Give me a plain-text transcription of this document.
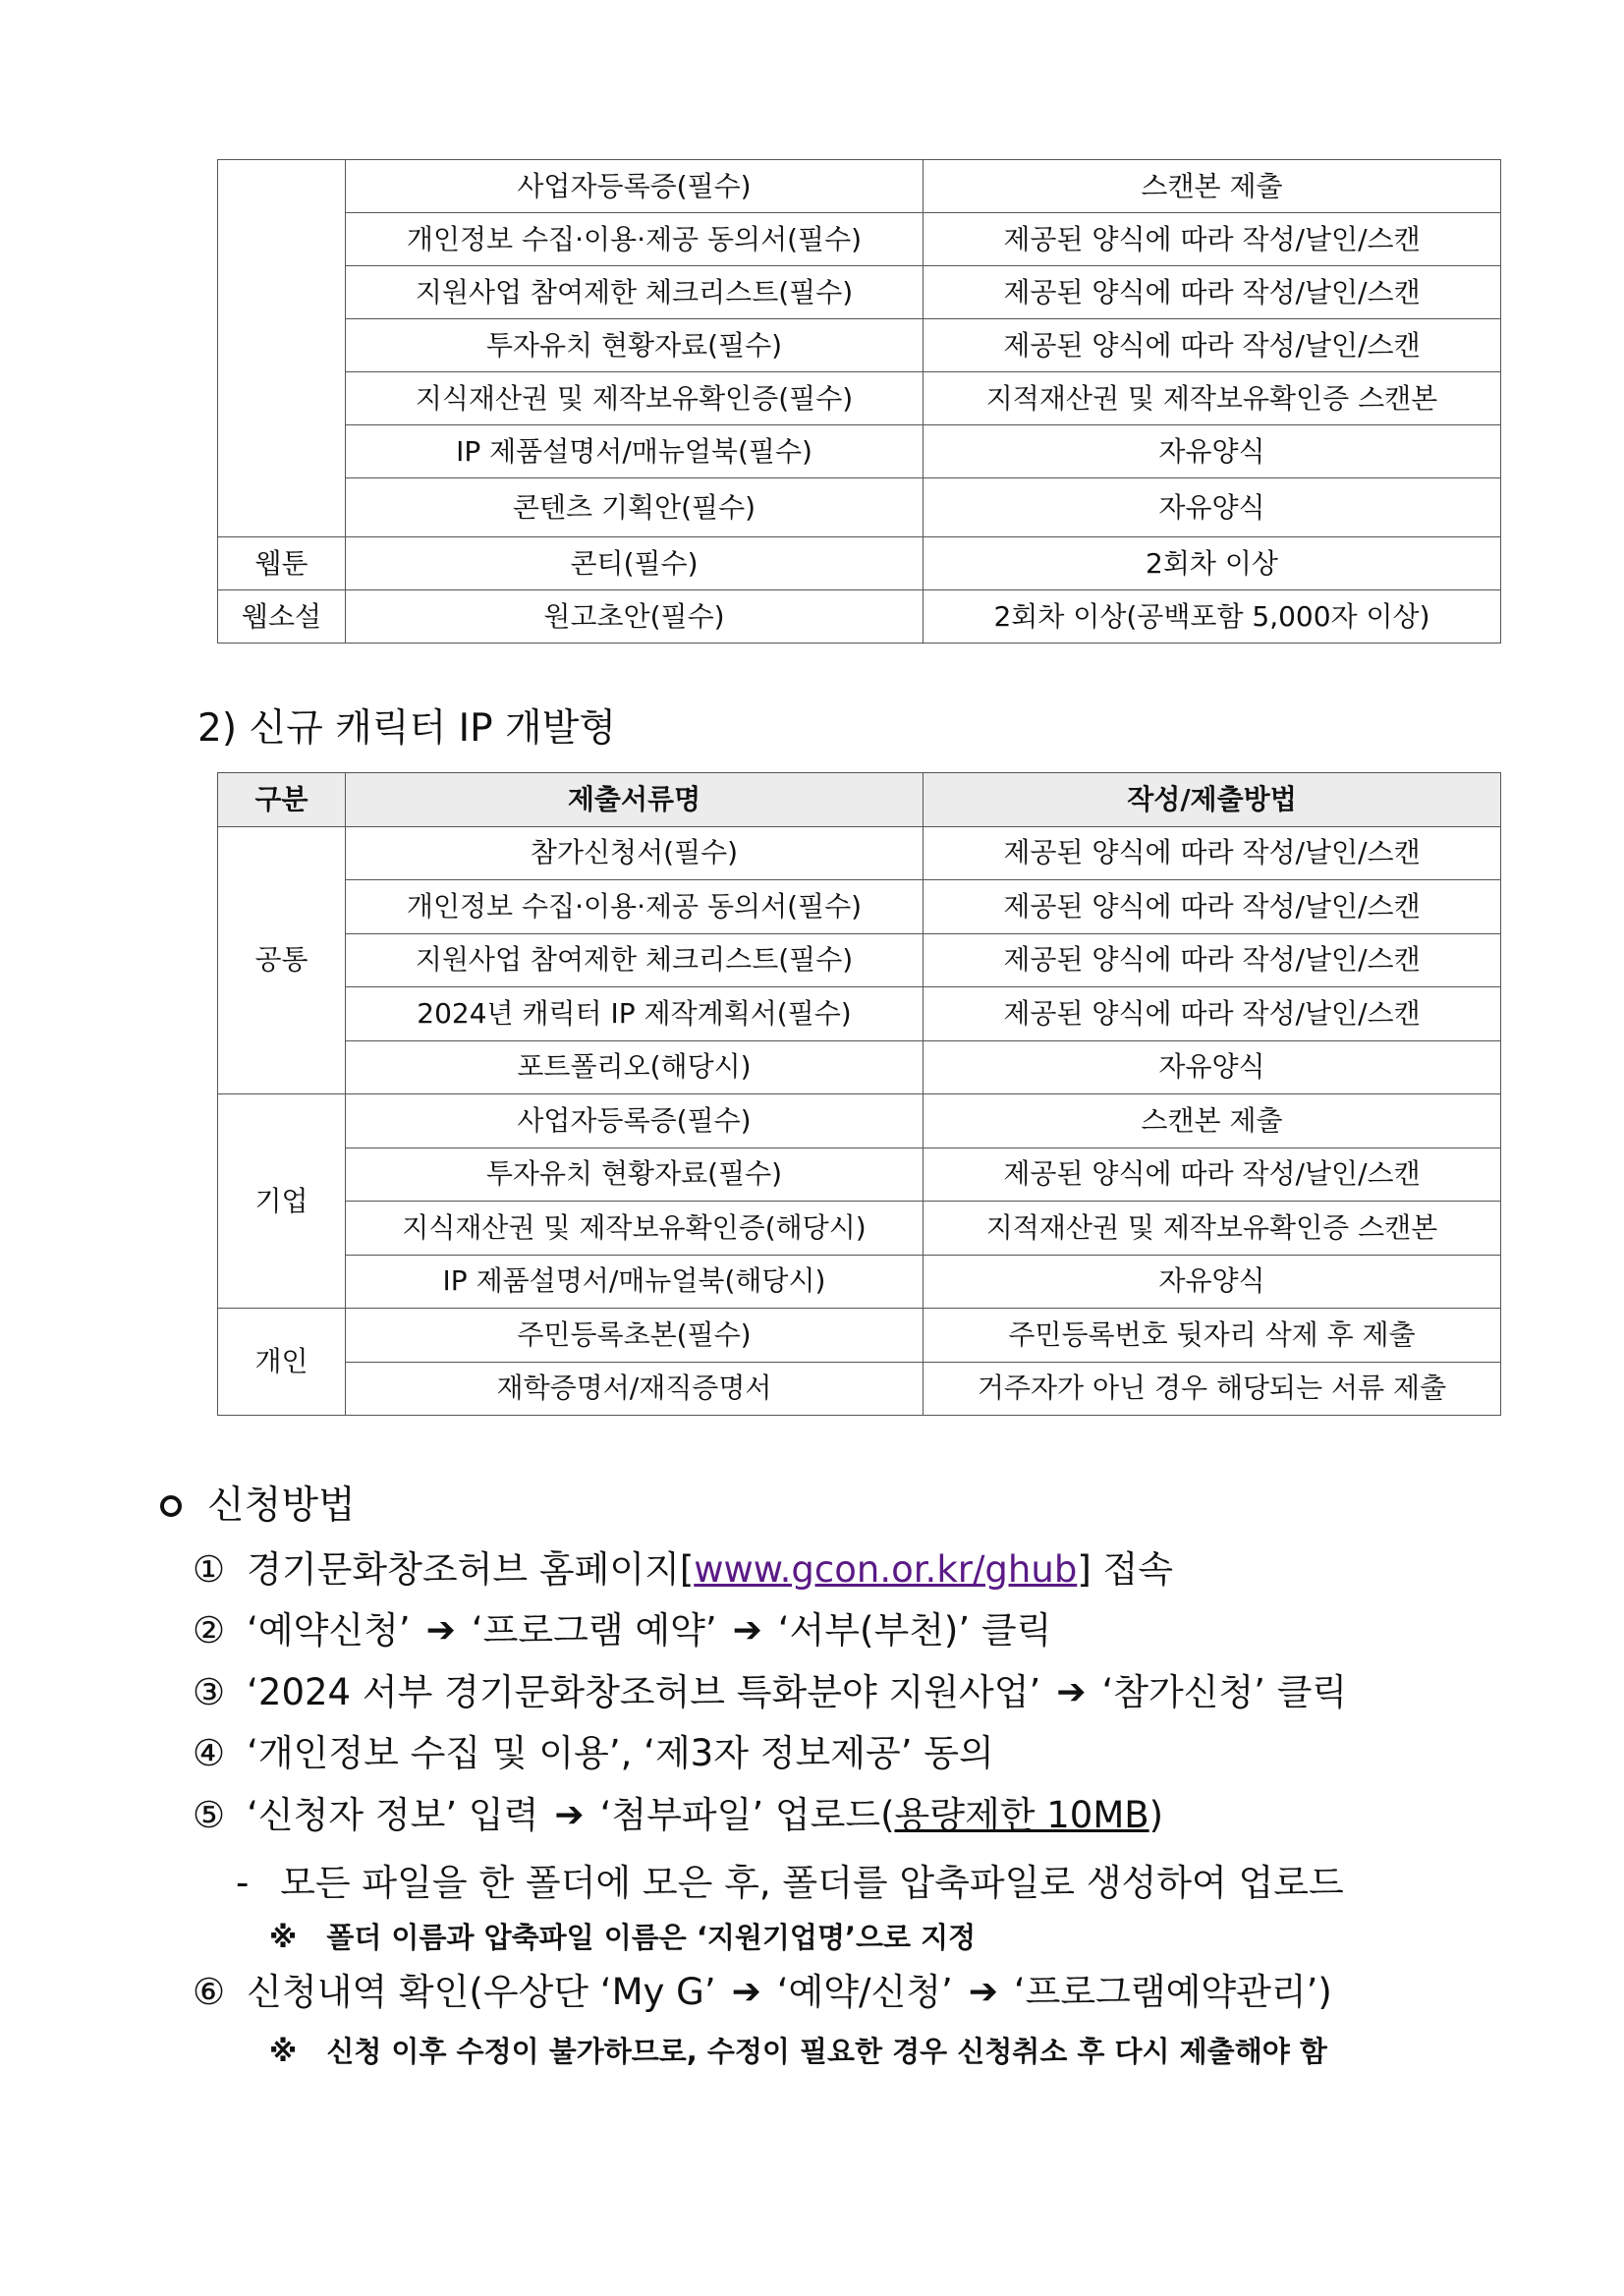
	사업자등록증(필수)	스캔본 제출
	개인정보 수집·이용·제공 동의서(필수)	제공된 양식에 따라 작성/날인/스캔
	지원사업 참여제한 체크리스트(필수)	제공된 양식에 따라 작성/날인/스캔
	투자유치 현황자료(필수)	제공된 양식에 따라 작성/날인/스캔
	지식재산권 및 제작보유확인증(필수)	지적재산권 및 제작보유확인증 스캔본
	IP 제품설명서/매뉴얼북(필수)	자유양식
	콘텐츠 기획안(필수)	자유양식
웹툰	콘티(필수)	2회차 이상
웹소설	원고초안(필수)	2회차 이상(공백포함 5,000자 이상)
2) 신규 캐릭터 IP 개발형
구분	제출서류명	작성/제출방법
공통	참가신청서(필수)	제공된 양식에 따라 작성/날인/스캔
	개인정보 수집·이용·제공 동의서(필수)	제공된 양식에 따라 작성/날인/스캔
	지원사업 참여제한 체크리스트(필수)	제공된 양식에 따라 작성/날인/스캔
	2024년 캐릭터 IP 제작계획서(필수)	제공된 양식에 따라 작성/날인/스캔
	포트폴리오(해당시)	자유양식
기업	사업자등록증(필수)	스캔본 제출
	투자유치 현황자료(필수)	제공된 양식에 따라 작성/날인/스캔
	지식재산권 및 제작보유확인증(해당시)	지적재산권 및 제작보유확인증 스캔본
	IP 제품설명서/매뉴얼북(해당시)	자유양식
개인	주민등록초본(필수)	주민등록번호 뒷자리 삭제 후 제출
	재학증명서/재직증명서	거주자가 아닌 경우 해당되는 서류 제출
신청방법
① 경기문화창조허브 홈페이지[ www.gcon.or.kr/ghub ] 접속
② ‘예약신청’ ➔ ‘프로그램 예약’ ➔ ‘서부(부천)’ 클릭
③ ‘2024 서부 경기문화창조허브 특화분야 지원사업’ ➔ ‘참가신청’ 클릭
④ ‘개인정보 수집 및 이용’, ‘제3자 정보제공’ 동의
⑤ ‘신청자 정보’ 입력 ➔ ‘첨부파일’ 업로드( 용량제한 10MB )
- 모든 파일을 한 폴더에 모은 후, 폴더를 압축파일로 생성하여 업로드
※ 폴더 이름과 압축파일 이름은 ‘지원기업명’으로 지정
⑥ 신청내역 확인(우상단 ‘My G’ ➔ ‘예약/신청’ ➔ ‘프로그램예약관리’)
※ 신청 이후 수정이 불가하므로, 수정이 필요한 경우 신청취소 후 다시 제출해야 함
